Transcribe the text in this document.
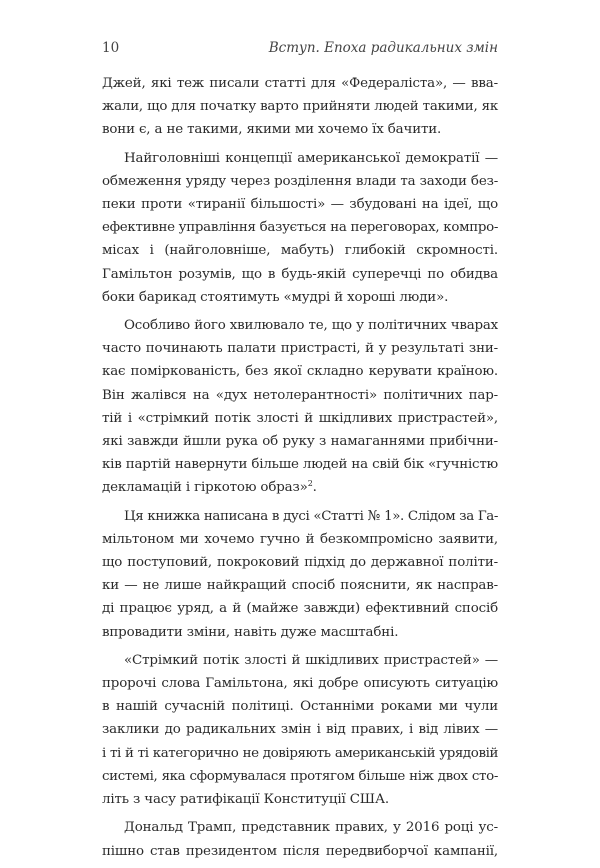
10	Вступ. Епоха радикальних змін

Джей, які теж писали статті для «Федераліста», — вва-
жали, що для початку варто прийняти людей такими, як
вони є, а не такими, якими ми хочемо їх бачити.

Найголовніші концепції американської демократії —
обмеження уряду через розділення влади та заходи без-
пеки проти «тиранії більшості» — збудовані на ідеї, що
ефективне управління базується на переговорах, компро-
місах і (найголовніше, мабуть) глибокій скромності.
Гамільтон розумів, що в будь-якій суперечці по обидва
боки барикад стоятимуть «мудрі й хороші люди».

Особливо його хвилювало те, що у політичних чварах
часто починають палати пристрасті, й у результаті зни-
кає поміркованість, без якої складно керувати країною.
Він жалівся на «дух нетолерантності» політичних пар-
тій і «стрімкий потік злості й шкідливих пристрастей»,
які завжди йшли рука об руку з намаганнями прибічни-
ків партій навернути більше людей на свій бік «гучністю
декламацій і гіркотою образ»$^2$.

Ця книжка написана в дусі «Статті № 1». Слідом за Га-
мільтоном ми хочемо гучно й безкомпромісно заявити,
що поступовий, покроковий підхід до державної політи-
ки — не лише найкращий спосіб пояснити, як насправ-
ді працює уряд, а й (майже завжди) ефективний спосіб
впровадити зміни, навіть дуже масштабні.

«Стрімкий потік злості й шкідливих пристрастей» —
пророчі слова Гамільтона, які добре описують ситуацію
в нашій сучасній політиці. Останніми роками ми чули
заклики до радикальних змін і від правих, і від лівих —
і ті й ті категорично не довіряють американській урядовій
системі, яка сформувалася протягом більше ніж двох сто-
літь з часу ратифікації Конституції США.

Дональд Трамп, представник правих, у 2016 році ус-
пішно став президентом після передвиборчої кампанії,
